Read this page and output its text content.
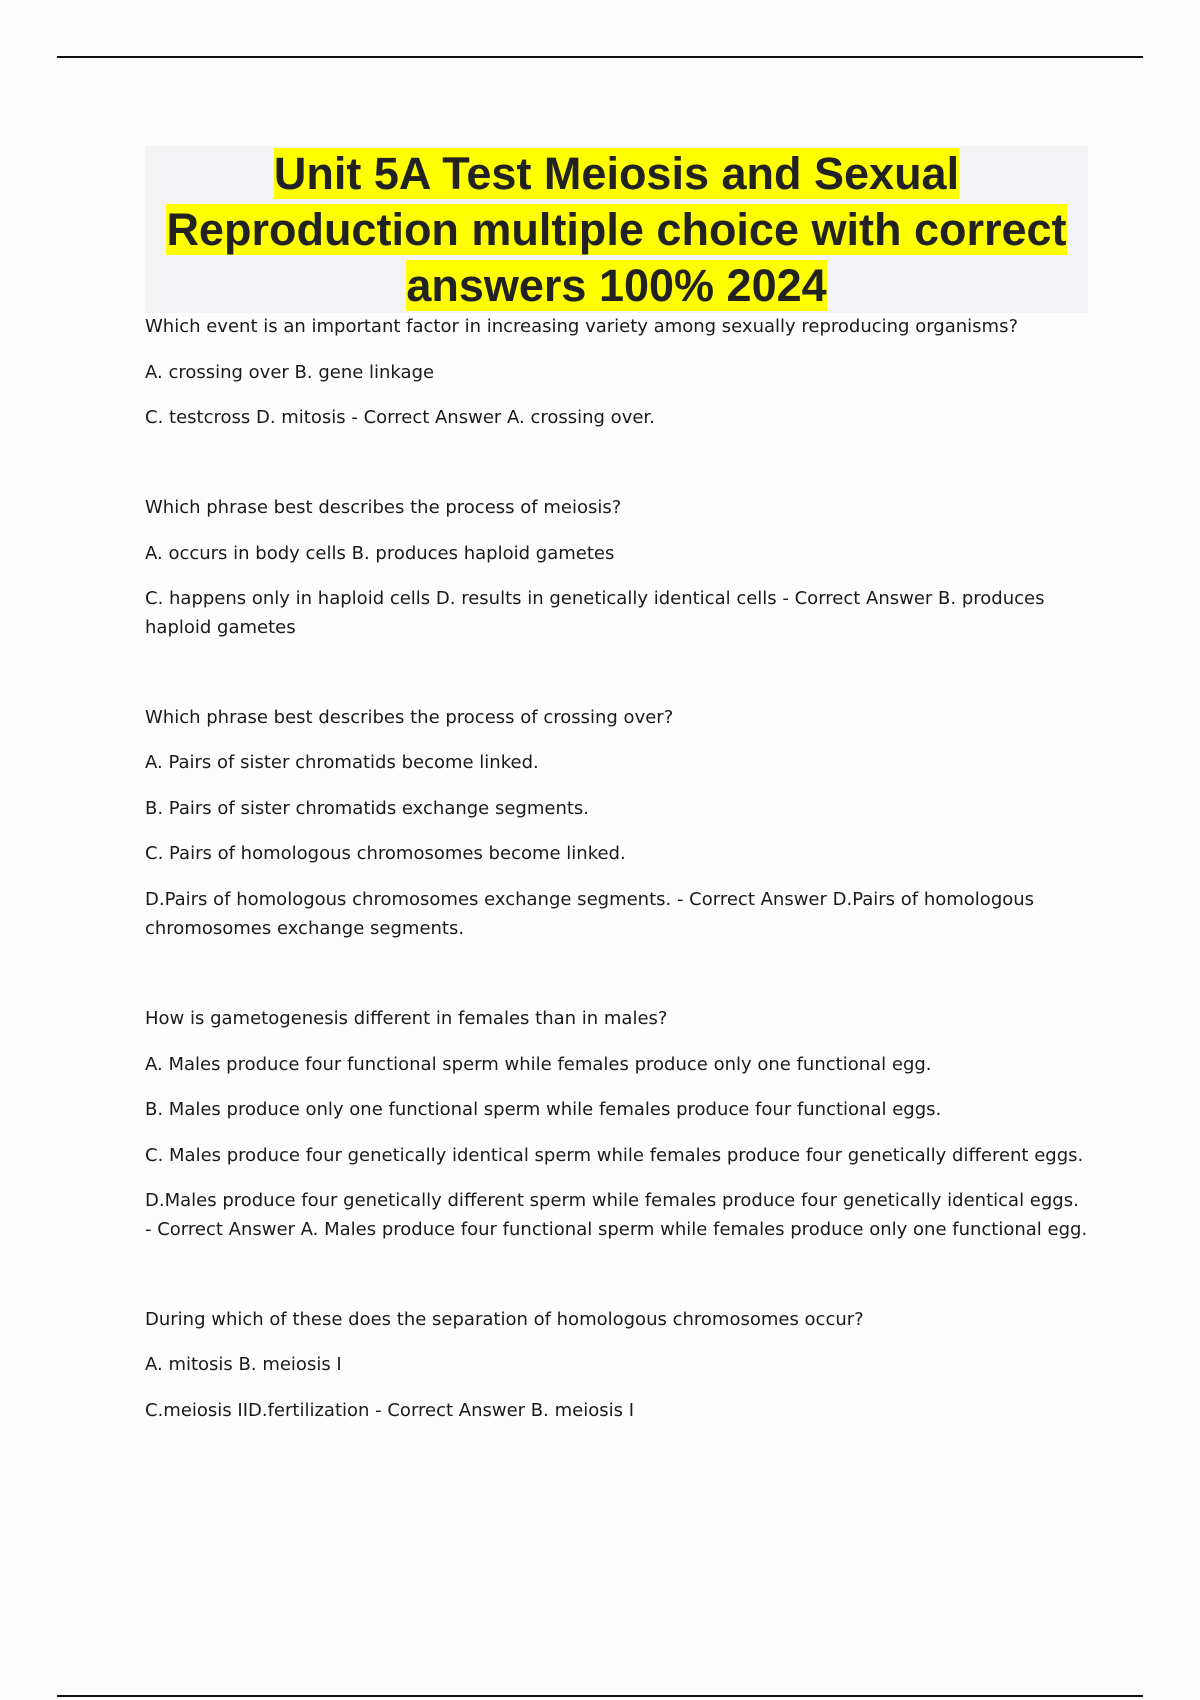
Unit 5A Test Meiosis and Sexual Reproduction multiple choice with correct answers 100% 2024

Which event is an important factor in increasing variety among sexually reproducing organisms?

A. crossing over B. gene linkage

C. testcross D. mitosis - Correct Answer A. crossing over.

Which phrase best describes the process of meiosis?

A. occurs in body cells B. produces haploid gametes

C. happens only in haploid cells D. results in genetically identical cells - Correct Answer B. produces haploid gametes

Which phrase best describes the process of crossing over?

A. Pairs of sister chromatids become linked.

B. Pairs of sister chromatids exchange segments.

C. Pairs of homologous chromosomes become linked.

D.Pairs of homologous chromosomes exchange segments. - Correct Answer D.Pairs of homologous chromosomes exchange segments.

How is gametogenesis different in females than in males?

A. Males produce four functional sperm while females produce only one functional egg.

B. Males produce only one functional sperm while females produce four functional eggs.

C. Males produce four genetically identical sperm while females produce four genetically different eggs.

D.Males produce four genetically different sperm while females produce four genetically identical eggs. - Correct Answer A. Males produce four functional sperm while females produce only one functional egg.

During which of these does the separation of homologous chromosomes occur?

A. mitosis B. meiosis I

C.meiosis IID.fertilization - Correct Answer B. meiosis I
